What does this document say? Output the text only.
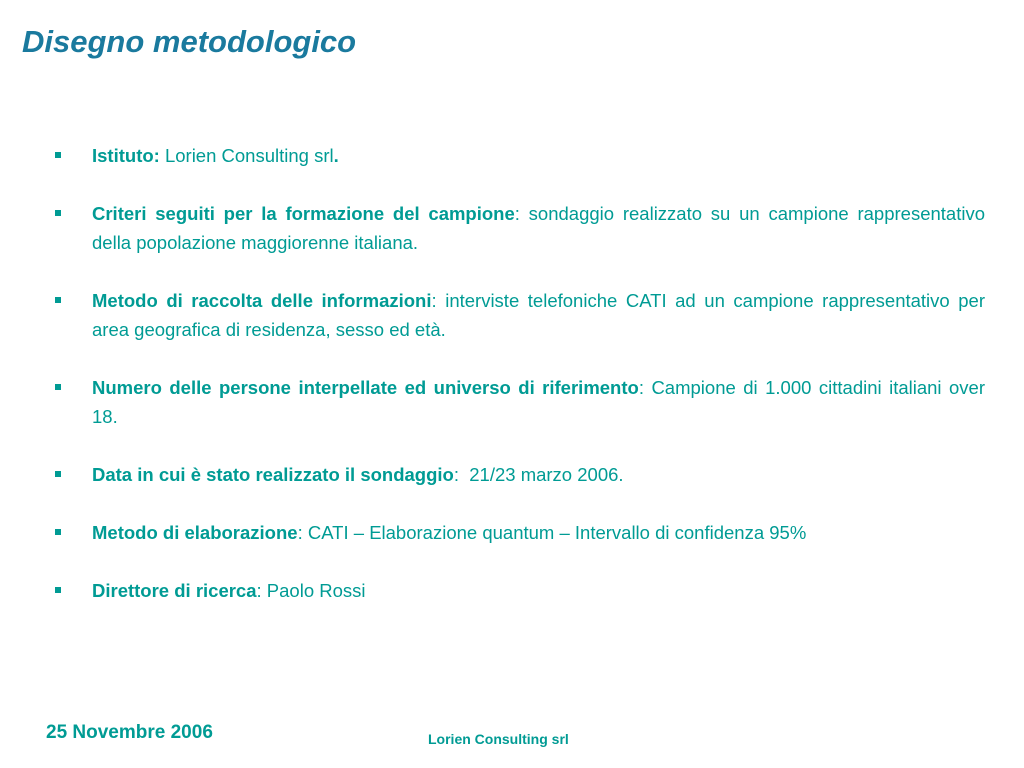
Disegno metodologico
Istituto: Lorien Consulting srl.
Criteri seguiti per la formazione del campione: sondaggio realizzato su un campione rappresentativo della popolazione maggiorenne italiana.
Metodo di raccolta delle informazioni: interviste telefoniche CATI ad un campione rappresentativo per area geografica di residenza, sesso ed età.
Numero delle persone interpellate ed universo di riferimento: Campione di 1.000 cittadini italiani over 18.
Data in cui è stato realizzato il sondaggio:  21/23 marzo 2006.
Metodo di elaborazione: CATI – Elaborazione quantum – Intervallo di confidenza 95%
Direttore di ricerca: Paolo Rossi
25 Novembre 2006	Lorien Consulting srl
